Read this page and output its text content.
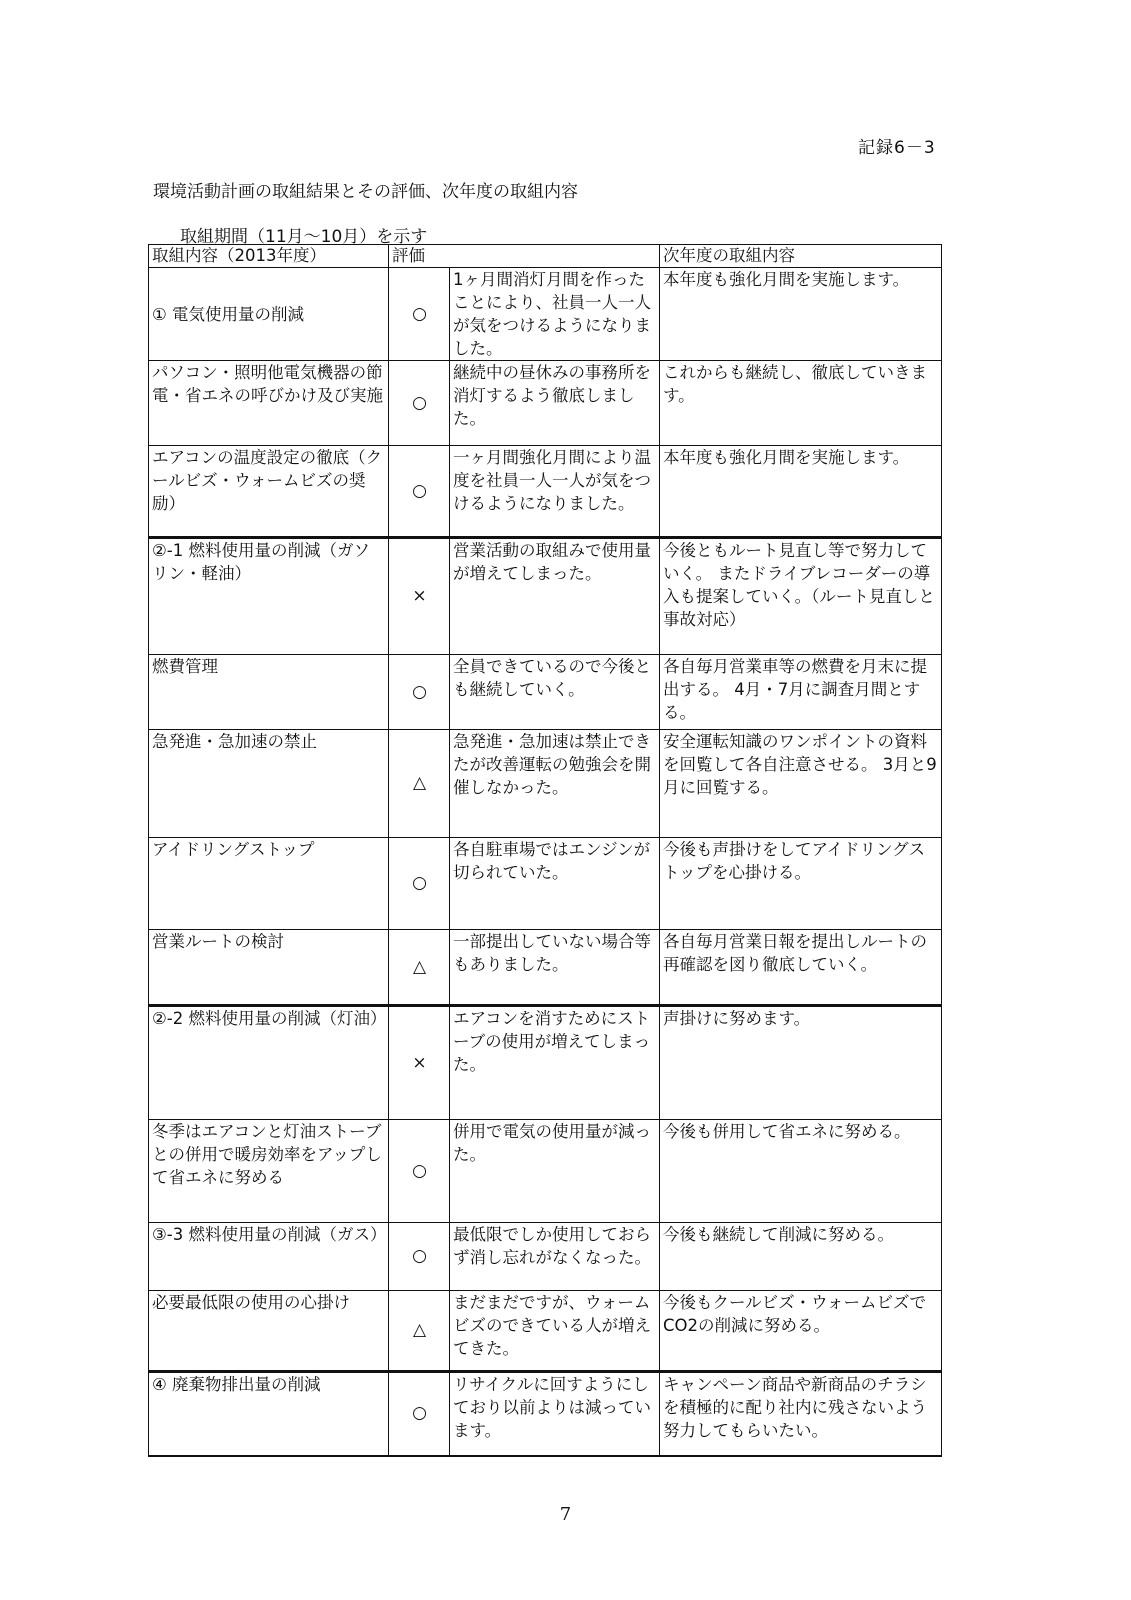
記録6－3
環境活動計画の取組結果とその評価、次年度の取組内容
取組期間（11月～10月）を示す
取組内容（2013年度）	評価		次年度の取組内容
① 電気使用量の削減	○	1ヶ月間消灯月間を作ったことにより、社員一人一人が気をつけるようになりました。	本年度も強化月間を実施します。
パソコン・照明他電気機器の節電・省エネの呼びかけ及び実施	○	継続中の昼休みの事務所を消灯するよう徹底しました。	これからも継続し、徹底していきます。
エアコンの温度設定の徹底（クールビズ・ウォームビズの奨励）	○	一ヶ月間強化月間により温度を社員一人一人が気をつけるようになりました。	本年度も強化月間を実施します。
②-1 燃料使用量の削減（ガソリン・軽油）	×	営業活動の取組みで使用量が増えてしまった。	今後ともルート見直し等で努力していく。 またドライブレコーダーの導入も提案していく。（ルート見直しと事故対応）
燃費管理	○	全員できているので今後とも継続していく。	各自毎月営業車等の燃費を月末に提出する。 4月・7月に調査月間とする。
急発進・急加速の禁止	△	急発進・急加速は禁止できたが改善運転の勉強会を開催しなかった。	安全運転知識のワンポイントの資料を回覧して各自注意させる。 3月と9月に回覧する。
アイドリングストップ	○	各自駐車場ではエンジンが切られていた。	今後も声掛けをしてアイドリングストップを心掛ける。
営業ルートの検討	△	一部提出していない場合等もありました。	各自毎月営業日報を提出しルートの再確認を図り徹底していく。
②-2 燃料使用量の削減（灯油）	×	エアコンを消すためにストーブの使用が増えてしまった。	声掛けに努めます。
冬季はエアコンと灯油ストーブとの併用で暖房効率をアップして省エネに努める	○	併用で電気の使用量が減った。	今後も併用して省エネに努める。
③-3 燃料使用量の削減（ガス）	○	最低限でしか使用しておらず消し忘れがなくなった。	今後も継続して削減に努める。
必要最低限の使用の心掛け	△	まだまだですが、ウォームビズのできている人が増えてきた。	今後もクールビズ・ウォームビズでCO2の削減に努める。
④ 廃棄物排出量の削減	○	リサイクルに回すようにしており以前よりは減っています。	キャンペーン商品や新商品のチラシを積極的に配り社内に残さないよう努力してもらいたい。
7
